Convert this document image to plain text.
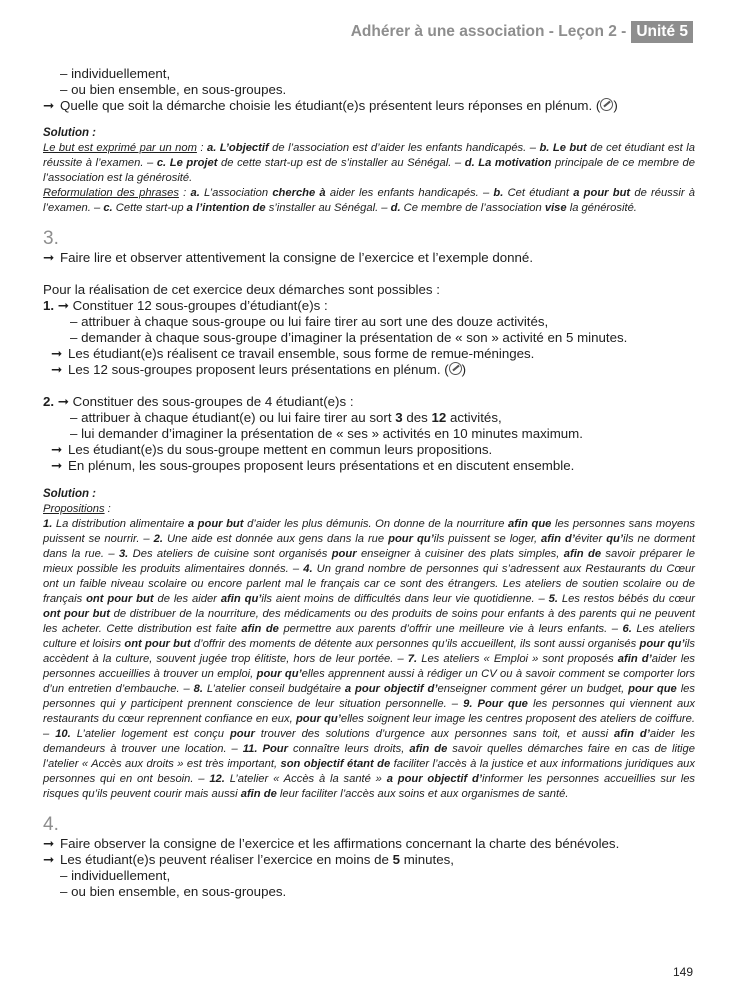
Adhérer à une association - Leçon 2 - Unité 5
– individuellement,
– ou bien ensemble, en sous-groupes.
➞ Quelle que soit la démarche choisie les étudiant(e)s présentent leurs réponses en plénum. ( )
Solution :
Le but est exprimé par un nom : a. L’objectif de l’association est d’aider les enfants handicapés. – b. Le but de cet étudiant est la réussite à l’examen. – c. Le projet de cette start-up est de s’installer au Sénégal. – d. La motivation principale de ce membre de l’association est la générosité.
Reformulation des phrases : a. L’association cherche à aider les enfants handicapés. – b. Cet étudiant a pour but de réussir à l’examen. – c. Cette start-up a l’intention de s’installer au Sénégal. – d. Ce membre de l’association vise la générosité.
3.
➞ Faire lire et observer attentivement la consigne de l’exercice et l’exemple donné.
Pour la réalisation de cet exercice deux démarches sont possibles :
1. ➞ Constituer 12 sous-groupes d’étudiant(e)s :
– attribuer à chaque sous-groupe ou lui faire tirer au sort une des douze activités,
– demander à chaque sous-groupe d’imaginer la présentation de « son » activité en 5 minutes.
➞ Les étudiant(e)s réalisent ce travail ensemble, sous forme de remue-méninges.
➞ Les 12 sous-groupes proposent leurs présentations en plénum. ( )
2. ➞ Constituer des sous-groupes de 4 étudiant(e)s :
– attribuer à chaque étudiant(e) ou lui faire tirer au sort 3 des 12 activités,
– lui demander d’imaginer la présentation de « ses » activités en 10 minutes maximum.
➞ Les étudiant(e)s du sous-groupe mettent en commun leurs propositions.
➞ En plénum, les sous-groupes proposent leurs présentations et en discutent ensemble.
Solution :
Propositions :
1. La distribution alimentaire a pour but d’aider les plus démunis. On donne de la nourriture afin que les personnes sans moyens puissent se nourrir. – 2. Une aide est donnée aux gens dans la rue pour qu’ils puissent se loger, afin d’éviter qu’ils ne dorment dans la rue. – 3. Des ateliers de cuisine sont organisés pour enseigner à cuisiner des plats simples, afin de savoir préparer le mieux possible les produits alimentaires donnés. – 4. Un grand nombre de personnes qui s’adressent aux Restaurants du Cœur ont un faible niveau scolaire ou encore parlent mal le français car ce sont des étrangers. Les ateliers de soutien scolaire ou de français ont pour but de les aider afin qu’ils aient moins de difficultés dans leur vie quotidienne. – 5. Les restos bébés du cœur ont pour but de distribuer de la nourriture, des médicaments ou des produits de soins pour enfants à des parents qui ne peuvent les acheter. Cette distribution est faite afin de permettre aux parents d’offrir une meilleure vie à leurs enfants. – 6. Les ateliers culture et loisirs ont pour but d’offrir des moments de détente aux personnes qu’ils accueillent, ils sont aussi organisés pour qu’ils accèdent à la culture, souvent jugée trop élitiste, hors de leur portée. – 7. Les ateliers « Emploi » sont proposés afin d’aider les personnes accueillies à trouver un emploi, pour qu’elles apprennent aussi à rédiger un CV ou à savoir comment se comporter lors d’un entretien d’embauche. – 8. L’atelier conseil budgétaire a pour objectif d’enseigner comment gérer un budget, pour que les personnes qui y participent prennent conscience de leur situation personnelle. – 9. Pour que les personnes qui viennent aux restaurants du cœur reprennent confiance en eux, pour qu’elles soignent leur image les centres proposent des ateliers de coiffure. – 10. L’atelier logement est conçu pour trouver des solutions d’urgence aux personnes sans toit, et aussi afin d’aider les demandeurs à trouver une location. – 11. Pour connaître leurs droits, afin de savoir quelles démarches faire en cas de litige l’atelier « Accès aux droits » est très important, son objectif étant de faciliter l’accès à la justice et aux informations juridiques aux personnes qui en ont besoin. – 12. L’atelier « Accès à la santé » a pour objectif d’informer les personnes accueillies sur les risques qu’ils peuvent courir mais aussi afin de leur faciliter l’accès aux soins et aux organismes de santé.
4.
➞ Faire observer la consigne de l’exercice et les affirmations concernant la charte des bénévoles.
➞ Les étudiant(e)s peuvent réaliser l’exercice en moins de 5 minutes,
– individuellement,
– ou bien ensemble, en sous-groupes.
149
